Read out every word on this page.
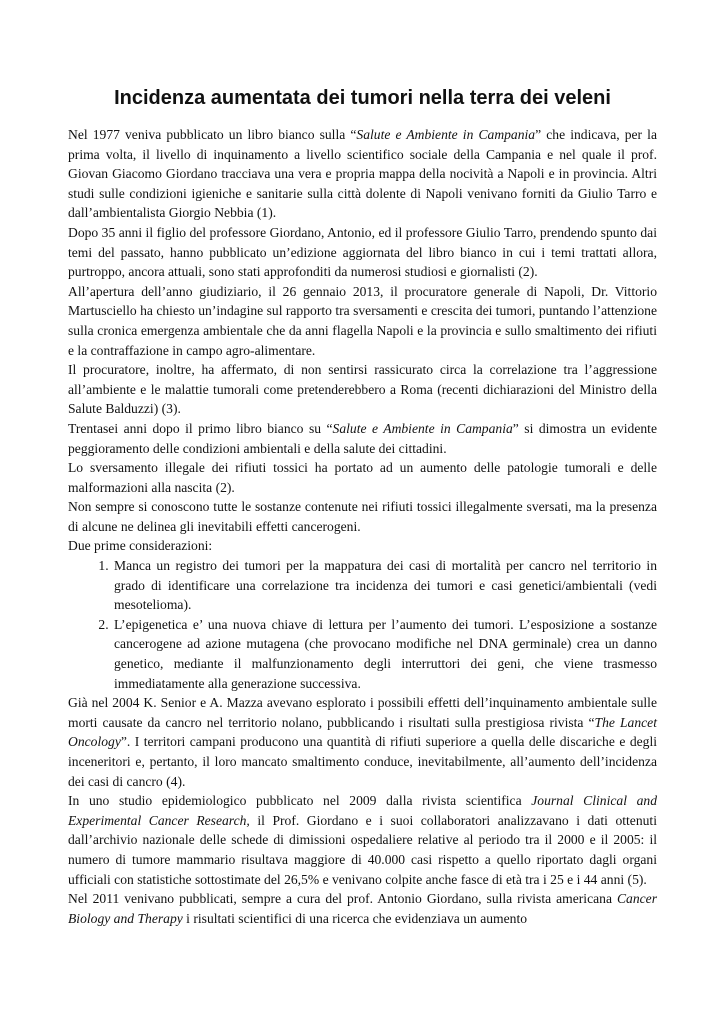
Incidenza aumentata dei tumori nella terra dei veleni

Nel 1977 veniva pubblicato un libro bianco sulla “Salute e Ambiente in Campania” che indicava, per la prima volta, il livello di inquinamento a livello scientifico sociale della Campania e nel quale il prof. Giovan Giacomo Giordano tracciava una vera e propria mappa della nocività a Napoli e in provincia. Altri studi sulle condizioni igieniche e sanitarie sulla città dolente di Napoli venivano forniti da Giulio Tarro e dall’ambientalista Giorgio Nebbia (1).

Dopo 35 anni il figlio del professore Giordano, Antonio, ed il professore Giulio Tarro, prendendo spunto dai temi del passato, hanno pubblicato un’edizione aggiornata del libro bianco in cui i temi trattati allora, purtroppo, ancora attuali, sono stati approfonditi da numerosi studiosi e giornalisti (2).

All’apertura dell’anno giudiziario, il 26 gennaio 2013, il procuratore generale di Napoli, Dr. Vittorio Martusciello ha chiesto un’indagine sul rapporto tra sversamenti e crescita dei tumori, puntando l’attenzione sulla cronica emergenza ambientale che da anni flagella Napoli e la provincia e sullo smaltimento dei rifiuti e la contraffazione in campo agro-alimentare.

Il procuratore, inoltre, ha affermato, di non sentirsi rassicurato circa la correlazione tra l’aggressione all’ambiente e le malattie tumorali come pretenderebbero a Roma (recenti dichiarazioni del Ministro della Salute Balduzzi) (3).

Trentasei anni dopo il primo libro bianco su “Salute e Ambiente in Campania” si dimostra un evidente peggioramento delle condizioni ambientali e della salute dei cittadini.

Lo sversamento illegale dei rifiuti tossici ha portato ad un aumento delle patologie tumorali e delle malformazioni alla nascita (2).

Non sempre si conoscono tutte le sostanze contenute nei rifiuti tossici illegalmente sversati, ma la presenza di alcune ne delinea gli inevitabili effetti cancerogeni.

Due prime considerazioni:

1. Manca un registro dei tumori per la mappatura dei casi di mortalità per cancro nel territorio in grado di identificare una correlazione tra incidenza dei tumori e casi genetici/ambientali (vedi mesotelioma).
2. L’epigenetica e’ una nuova chiave di lettura per l’aumento dei tumori. L’esposizione a sostanze cancerogene ad azione mutagena (che provocano modifiche nel DNA germinale) crea un danno genetico, mediante il malfunzionamento degli interruttori dei geni, che viene trasmesso immediatamente alla generazione successiva.

Già nel 2004 K. Senior e A. Mazza avevano esplorato i possibili effetti dell’inquinamento ambientale sulle morti causate da cancro nel territorio nolano, pubblicando i risultati sulla prestigiosa rivista “The Lancet Oncology”. I territori campani producono una quantità di rifiuti superiore a quella delle discariche e degli inceneritori e, pertanto, il loro mancato smaltimento conduce, inevitabilmente, all’aumento dell’incidenza dei casi di cancro (4).

In uno studio epidemiologico pubblicato nel 2009 dalla rivista scientifica Journal Clinical and Experimental Cancer Research, il Prof. Giordano e i suoi collaboratori analizzavano i dati ottenuti dall’archivio nazionale delle schede di dimissioni ospedaliere relative al periodo tra il 2000 e il 2005: il numero di tumore mammario risultava maggiore di 40.000 casi rispetto a quello riportato dagli organi ufficiali con statistiche sottostimate del 26,5% e venivano colpite anche fasce di età tra i 25 e i 44 anni (5).

Nel 2011 venivano pubblicati, sempre a cura del prof. Antonio Giordano, sulla rivista americana Cancer Biology and Therapy i risultati scientifici di una ricerca che evidenziava un aumento
